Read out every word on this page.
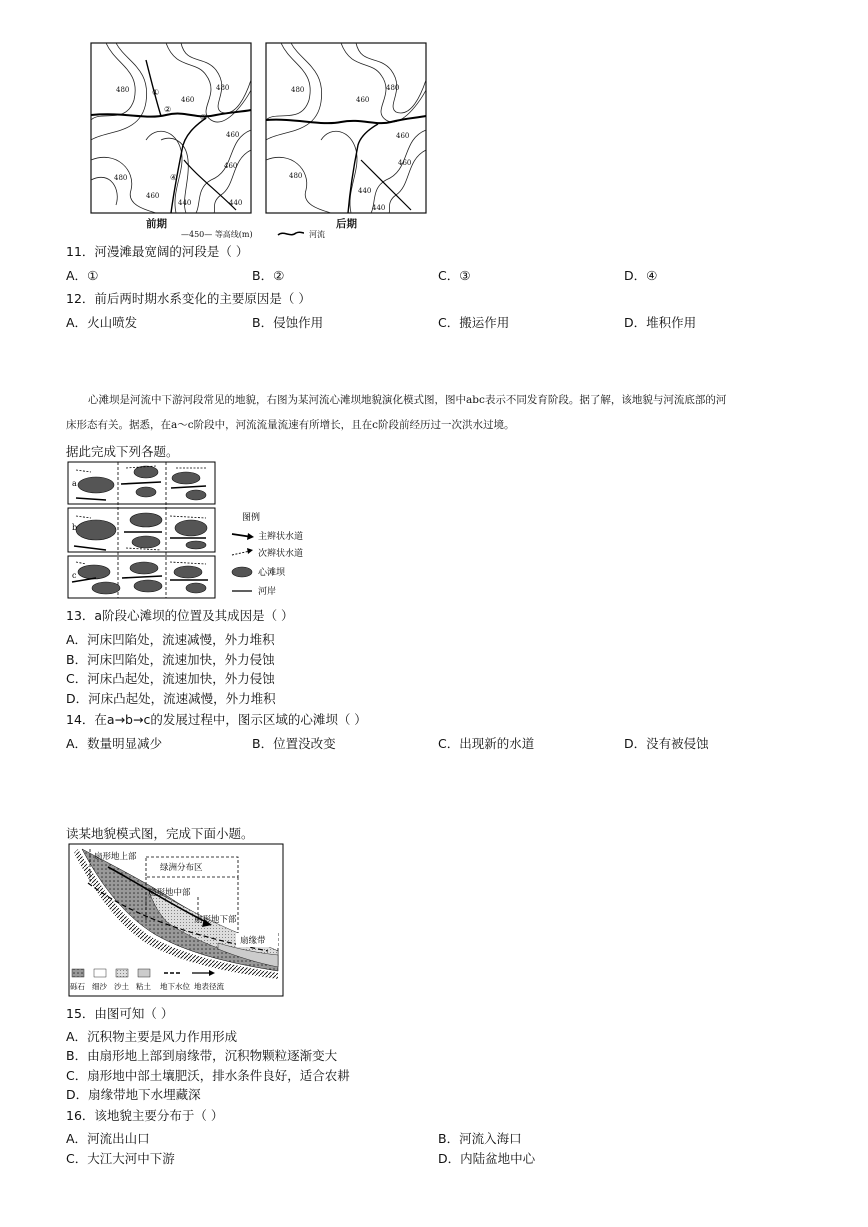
480
460
480
460
480
460
440
460
440
①
②
③
④
480
460
480
460
480
440
460
440
前期	后期
—450— 等高线(m)	河流
11．河漫滩最宽阔的河段是（ ）
A．①	B．②	C．③	D．④
12．前后两时期水系变化的主要原因是（ ）
A．火山喷发	B．侵蚀作用	C．搬运作用	D．堆积作用
心滩坝是河流中下游河段常见的地貌，右图为某河流心滩坝地貌演化模式图，图中abc表示不同发育阶段。据了解，该地貌与河流底部的河
床形态有关。据悉，在a～c阶段中，河流流量流速有所增长，且在c阶段前经历过一次洪水过境。
据此完成下列各题。
a
b
c
图例
主辫状水道
次辫状水道
心滩坝
河岸
13．a阶段心滩坝的位置及其成因是（ ）
A．河床凹陷处，流速减慢，外力堆积
B．河床凹陷处，流速加快，外力侵蚀
C．河床凸起处，流速加快，外力侵蚀
D．河床凸起处，流速减慢，外力堆积
14．在a→b→c的发展过程中，图示区域的心滩坝（ ）
A．数量明显减少	B．位置没改变	C．出现新的水道	D．没有被侵蚀
读某地貌模式图，完成下面小题。
扇形地上部
绿洲分布区
扇形地中部
扇形地下部
扇缘带
砾石 细沙 沙土 粘土 地下水位 地表径流
15．由图可知（ ）
A．沉积物主要是风力作用形成
B．由扇形地上部到扇缘带，沉积物颗粒逐渐变大
C．扇形地中部土壤肥沃，排水条件良好，适合农耕
D．扇缘带地下水埋藏深
16．该地貌主要分布于（ ）
A．河流出山口	B．河流入海口
C．大江大河中下游	D．内陆盆地中心
